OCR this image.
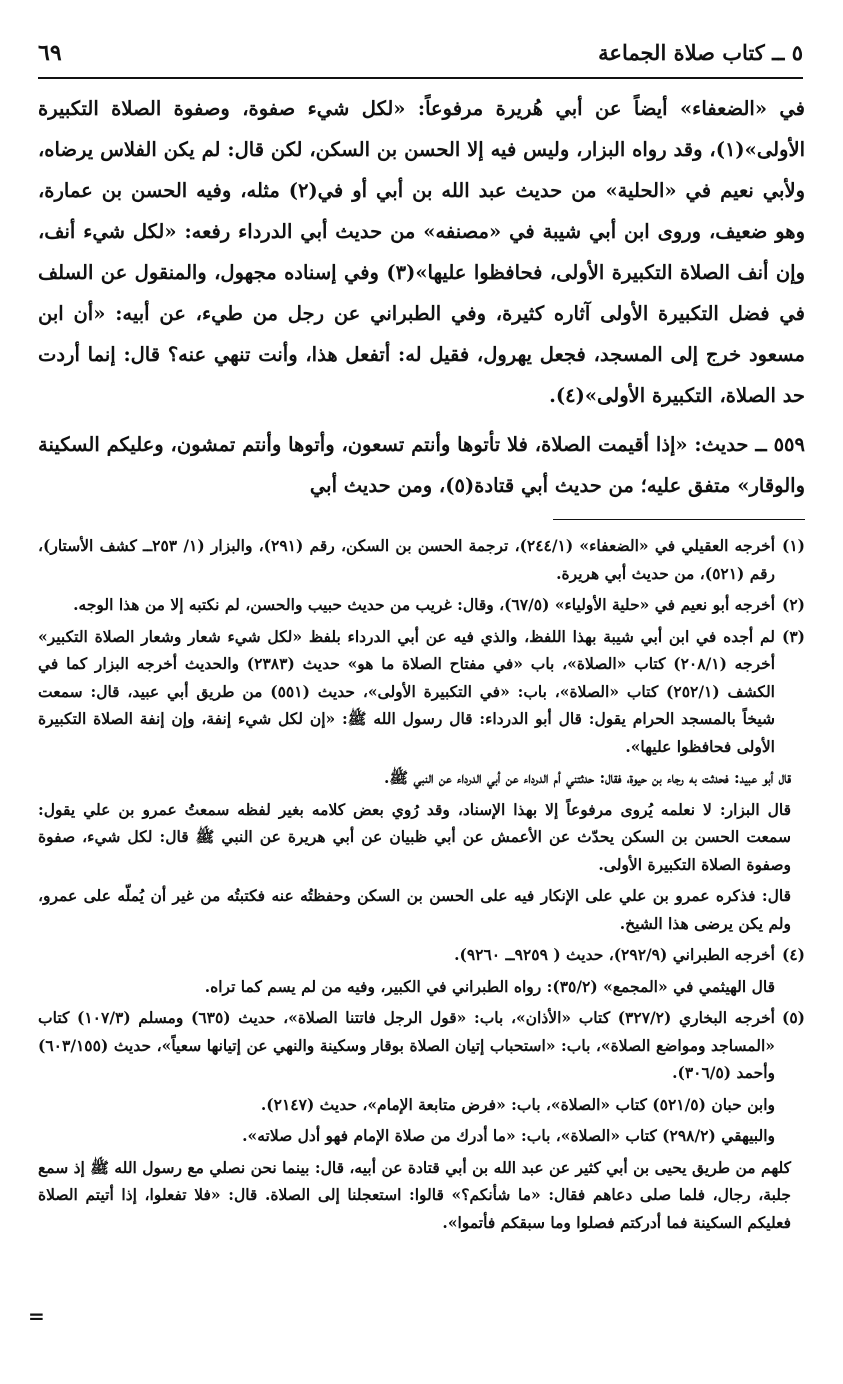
٥ ــ كتاب صلاة الجماعة
٦٩

في «الضعفاء» أيضاً عن أبي هُريرة مرفوعاً: «لكل شيء صفوة، وصفوة الصلاة التكبيرة الأولى»(١)، وقد رواه البزار، وليس فيه إلا الحسن بن السكن، لكن قال: لم يكن الفلاس يرضاه، ولأبي نعيم في «الحلية» من حديث عبد الله بن أبي أو في(٢) مثله، وفيه الحسن بن عمارة، وهو ضعيف، وروى ابن أبي شيبة في «مصنفه» من حديث أبي الدرداء رفعه: «لكل شيء أنف، وإن أنف الصلاة التكبيرة الأولى، فحافظوا عليها»(٣) وفي إسناده مجهول، والمنقول عن السلف في فضل التكبيرة الأولى آثاره كثيرة، وفي الطبراني عن رجل من طيء، عن أبيه: «أن ابن مسعود خرج إلى المسجد، فجعل يهرول، فقيل له: أتفعل هذا، وأنت تنهي عنه؟ قال: إنما أردت حد الصلاة، التكبيرة الأولى»(٤).

٥٥٩ ــ حديث: «إذا أقيمت الصلاة، فلا تأتوها وأنتم تسعون، وأتوها وأنتم تمشون، وعليكم السكينة والوقار» متفق عليه؛ من حديث أبي قتادة(٥)، ومن حديث أبي

(١)أخرجه العقيلي في «الضعفاء» (٢٤٤/١)، ترجمة الحسن بن السكن، رقم (٢٩١)، والبزار (١/ ٢٥٣ــ كشف الأستار)، رقم (٥٢١)، من حديث أبي هريرة.

(٢)أخرجه أبو نعيم في «حلية الأولياء» (٦٧/٥)، وقال: غريب من حديث حبيب والحسن، لم نكتبه إلا من هذا الوجه.

(٣)لم أجده في ابن أبي شيبة بهذا اللفظ، والذي فيه عن أبي الدرداء بلفظ «لكل شيء شعار وشعار الصلاة التكبير» أخرجه (٢٠٨/١) كتاب «الصلاة»، باب «في مفتاح الصلاة ما هو» حديث (٢٣٨٣) والحديث أخرجه البزار كما في الكشف (٢٥٢/١) كتاب «الصلاة»، باب: «في التكبيرة الأولى»، حديث (٥٥١) من طريق أبي عبيد، قال: سمعت شيخاً بالمسجد الحرام يقول: قال أبو الدرداء: قال رسول الله ﷺ: «إن لكل شيء إنفة، وإن إنفة الصلاة التكبيرة الأولى فحافظوا عليها».

قال أبو عبيد: فحدثت به رجاء بن حيوة، فقال: حدثتني أم الدرداء عن أبي الدرداء عن النبي ﷺ.

قال البزار: لا نعلمه يُروى مرفوعاً إلا بهذا الإسناد، وقد رُوي بعض كلامه بغير لفظه سمعتُ عمرو بن علي يقول: سمعت الحسن بن السكن يحدّث عن الأعمش عن أبي ظبيان عن أبي هريرة عن النبي ﷺ قال: لكل شيء، صفوة وصفوة الصلاة التكبيرة الأولى.

قال: فذكره عمرو بن علي على الإنكار فيه على الحسن بن السكن وحفظتُه عنه فكتبتُه من غير أن يُملّه على عمرو، ولم يكن يرضى هذا الشيخ.

(٤)أخرجه الطبراني (٢٩٢/٩)، حديث ( ٩٢٥٩ــ ٩٢٦٠).

قال الهيثمي في «المجمع» (٣٥/٢): رواه الطبراني في الكبير، وفيه من لم يسم كما تراه.

(٥)أخرجه البخاري (٣٢٧/٢) كتاب «الأذان»، باب: «قول الرجل فاتتنا الصلاة»، حديث (٦٣٥) ومسلم (١٠٧/٣) كتاب «المساجد ومواضع الصلاة»، باب: «استحباب إتيان الصلاة بوقار وسكينة والنهي عن إتيانها سعياً»، حديث (٦٠٣/١٥٥) وأحمد (٣٠٦/٥).

وابن حبان (٥٢١/٥) كتاب «الصلاة»، باب: «فرض متابعة الإمام»، حديث (٢١٤٧).

والبيهقي (٢٩٨/٢) كتاب «الصلاة»، باب: «ما أدرك من صلاة الإمام فهو أدل صلاته».

كلهم من طريق يحيى بن أبي كثير عن عبد الله بن أبي قتادة عن أبيه، قال: بينما نحن نصلي مع رسول الله ﷺ إذ سمع جلبة، رجال، فلما صلى دعاهم فقال: «ما شأنكم؟» قالوا: استعجلنا إلى الصلاة. قال: «فلا تفعلوا، إذا أتيتم الصلاة فعليكم السكينة فما أدركتم فصلوا وما سبقكم فأتموا».

=
